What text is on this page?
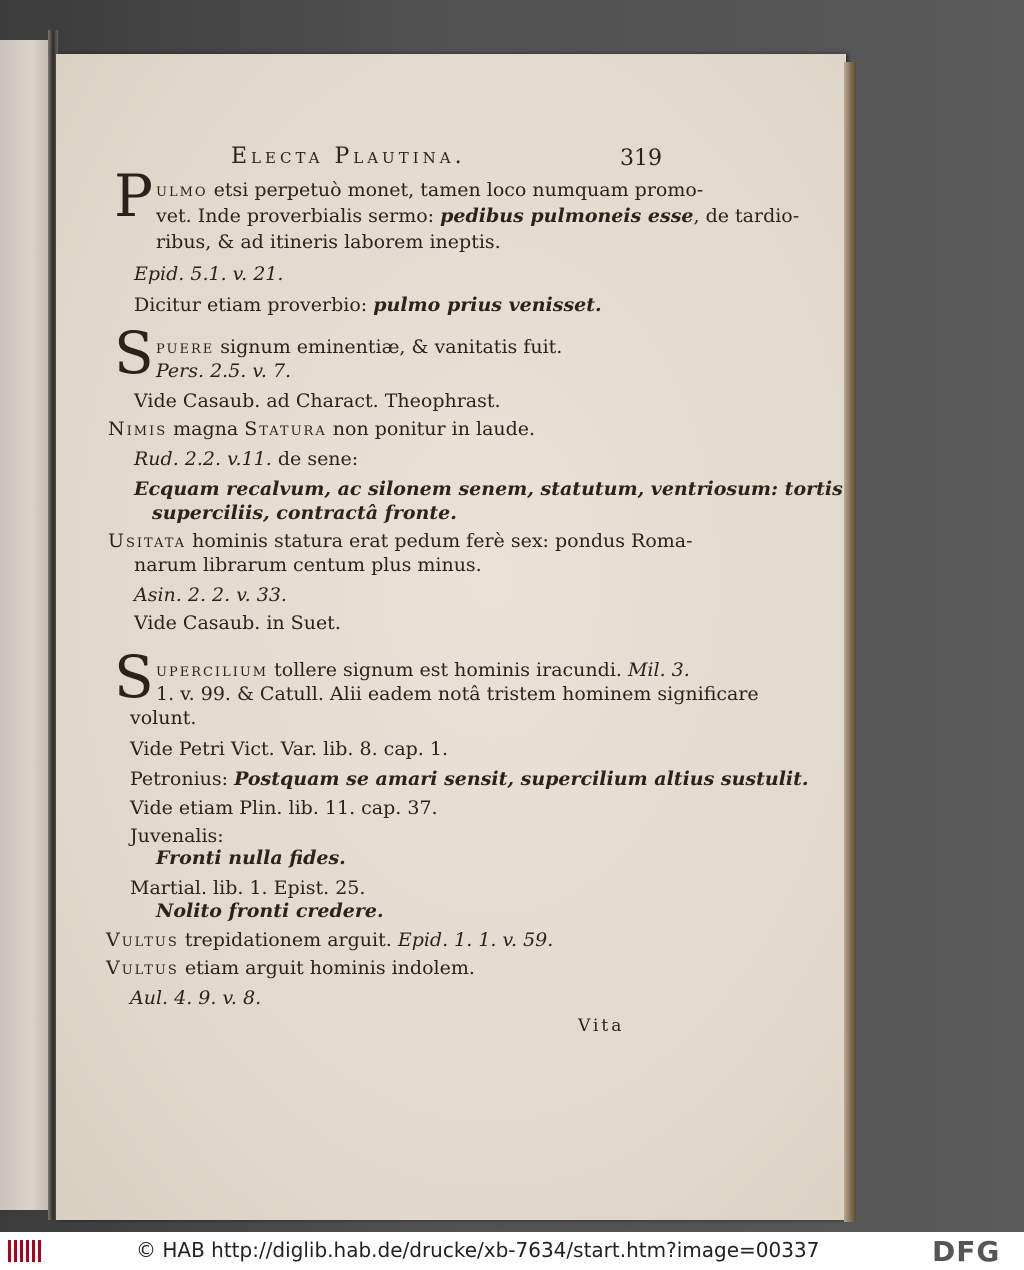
Electa Plautina.	319
P ulmo etsi perpetuò monet, tamen loco numquam promo-
vet. Inde proverbialis sermo: pedibus pulmoneis esse, de tardio-
ribus, & ad itineris laborem ineptis.
Epid. 5.1. v. 21.
Dicitur etiam proverbio: pulmo prius venisset.
S puere signum eminentiæ, & vanitatis fuit.
Pers. 2.5. v. 7.
Vide Casaub. ad Charact. Theophrast.
Nimis magna Statura non ponitur in laude.
Rud. 2.2. v.11. de sene:
Ecquam recalvum, ac silonem senem, statutum, ventriosum: tortis
superciliis, contractâ fronte.
Usitata hominis statura erat pedum ferè sex: pondus Roma-
narum librarum centum plus minus.
Asin. 2. 2. v. 33.
Vide Casaub. in Suet.
S upercilium tollere signum est hominis iracundi. Mil. 3.
1. v. 99. & Catull. Alii eadem notâ tristem hominem significare
volunt.
Vide Petri Vict. Var. lib. 8. cap. 1.
Petronius: Postquam se amari sensit, supercilium altius sustulit.
Vide etiam Plin. lib. 11. cap. 37.
Juvenalis:
Fronti nulla fides.
Martial. lib. 1. Epist. 25.
Nolito fronti credere.
Vultus trepidationem arguit. Epid. 1. 1. v. 59.
Vultus etiam arguit hominis indolem.
Aul. 4. 9. v. 8.
Vita
© HAB http://diglib.hab.de/drucke/xb-7634/start.htm?image=00337	DFG
